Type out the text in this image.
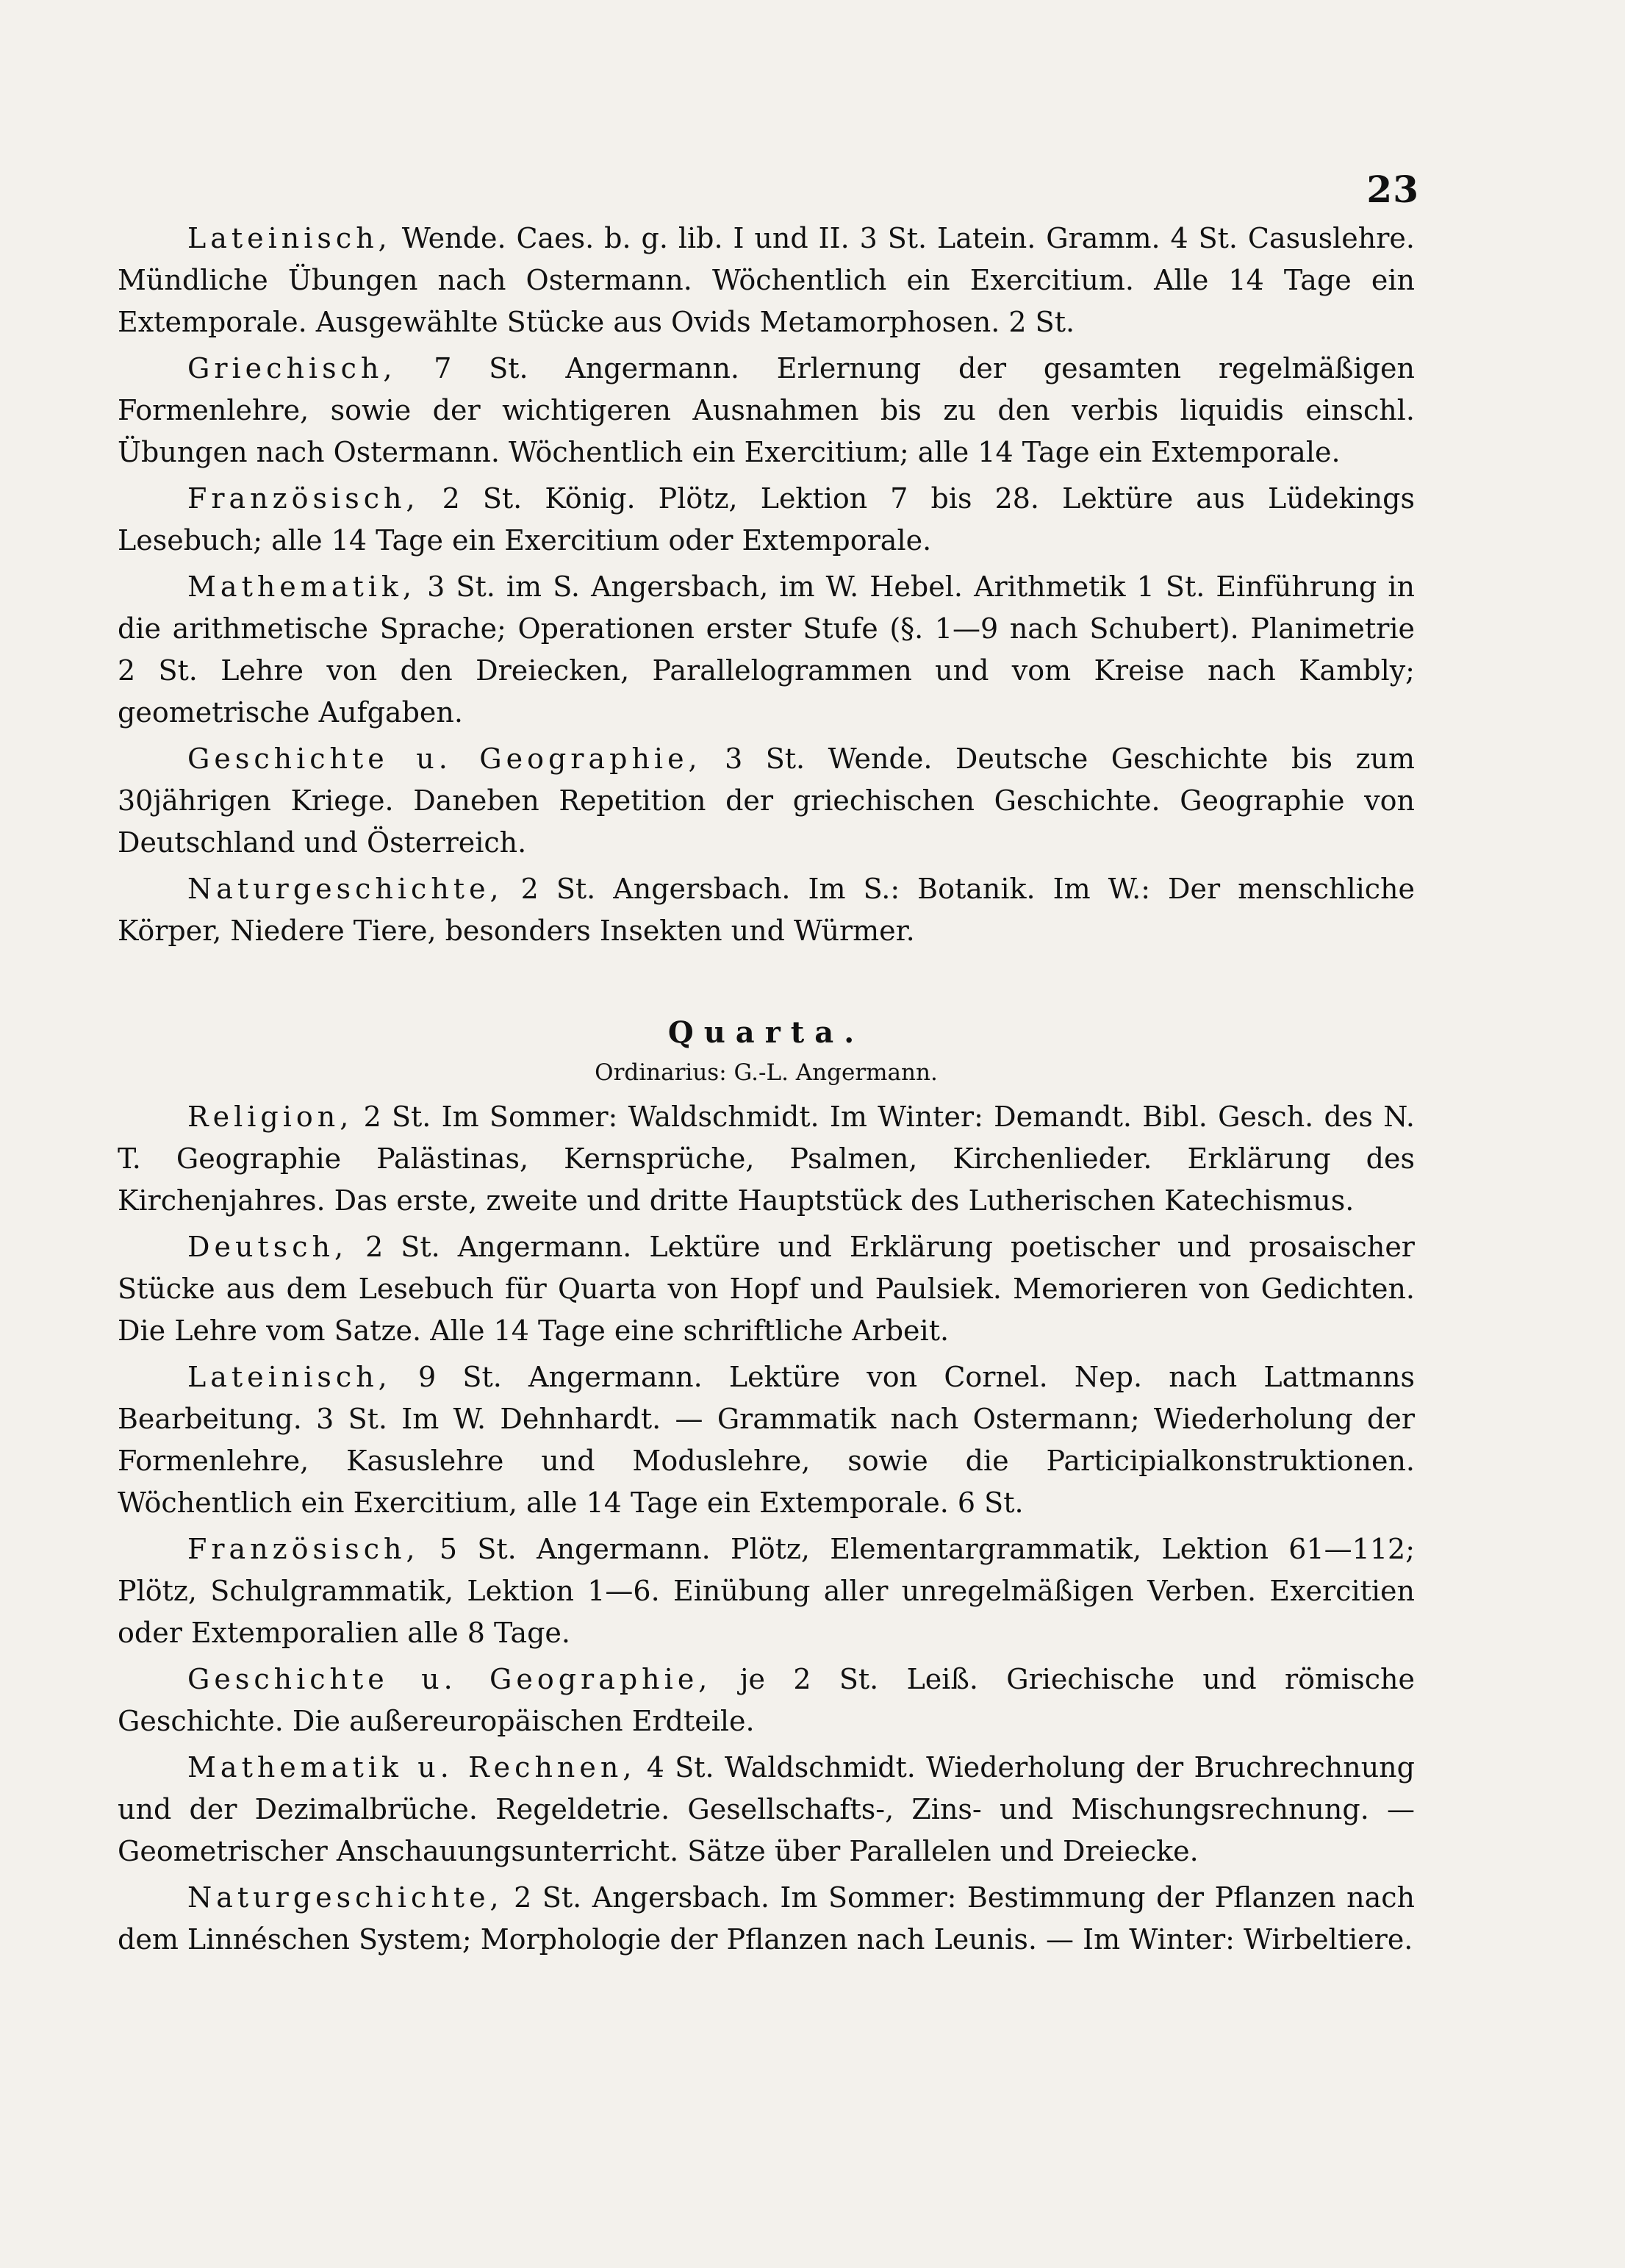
23

Lateinisch, Wende. Caes. b. g. lib. I und II. 3 St. Latein. Gramm. 4 St. Casuslehre. Mündliche Übungen nach Ostermann. Wöchentlich ein Exercitium. Alle 14 Tage ein Extemporale. Ausgewählte Stücke aus Ovids Metamorphosen. 2 St.

Griechisch, 7 St. Angermann. Erlernung der gesamten regelmäßigen Formenlehre, sowie der wichtigeren Ausnahmen bis zu den verbis liquidis einschl. Übungen nach Ostermann. Wöchentlich ein Exercitium; alle 14 Tage ein Extemporale.

Französisch, 2 St. König. Plötz, Lektion 7 bis 28. Lektüre aus Lüdekings Lesebuch; alle 14 Tage ein Exercitium oder Extemporale.

Mathematik, 3 St. im S. Angersbach, im W. Hebel. Arithmetik 1 St. Einführung in die arithmetische Sprache; Operationen erster Stufe (§. 1—9 nach Schubert). Planimetrie 2 St. Lehre von den Dreiecken, Parallelogrammen und vom Kreise nach Kambly; geometrische Aufgaben.

Geschichte u. Geographie, 3 St. Wende. Deutsche Geschichte bis zum 30jährigen Kriege. Daneben Repetition der griechischen Geschichte. Geographie von Deutschland und Österreich.

Naturgeschichte, 2 St. Angersbach. Im S.: Botanik. Im W.: Der menschliche Körper, Niedere Tiere, besonders Insekten und Würmer.

Quarta.
Ordinarius: G.-L. Angermann.

Religion, 2 St. Im Sommer: Waldschmidt. Im Winter: Demandt. Bibl. Gesch. des N. T. Geographie Palästinas, Kernsprüche, Psalmen, Kirchenlieder. Erklärung des Kirchenjahres. Das erste, zweite und dritte Hauptstück des Lutherischen Katechismus.

Deutsch, 2 St. Angermann. Lektüre und Erklärung poetischer und prosaischer Stücke aus dem Lesebuch für Quarta von Hopf und Paulsiek. Memorieren von Gedichten. Die Lehre vom Satze. Alle 14 Tage eine schriftliche Arbeit.

Lateinisch, 9 St. Angermann. Lektüre von Cornel. Nep. nach Lattmanns Bearbeitung. 3 St. Im W. Dehnhardt. — Grammatik nach Ostermann; Wiederholung der Formenlehre, Kasuslehre und Moduslehre, sowie die Participialkonstruktionen. Wöchentlich ein Exercitium, alle 14 Tage ein Extemporale. 6 St.

Französisch, 5 St. Angermann. Plötz, Elementargrammatik, Lektion 61—112; Plötz, Schulgrammatik, Lektion 1—6. Einübung aller unregelmäßigen Verben. Exercitien oder Extemporalien alle 8 Tage.

Geschichte u. Geographie, je 2 St. Leiß. Griechische und römische Geschichte. Die außereuropäischen Erdteile.

Mathematik u. Rechnen, 4 St. Waldschmidt. Wiederholung der Bruchrechnung und der Dezimalbrüche. Regeldetrie. Gesellschafts-, Zins- und Mischungsrechnung. — Geometrischer Anschauungsunterricht. Sätze über Parallelen und Dreiecke.

Naturgeschichte, 2 St. Angersbach. Im Sommer: Bestimmung der Pflanzen nach dem Linnéschen System; Morphologie der Pflanzen nach Leunis. — Im Winter: Wirbeltiere.
